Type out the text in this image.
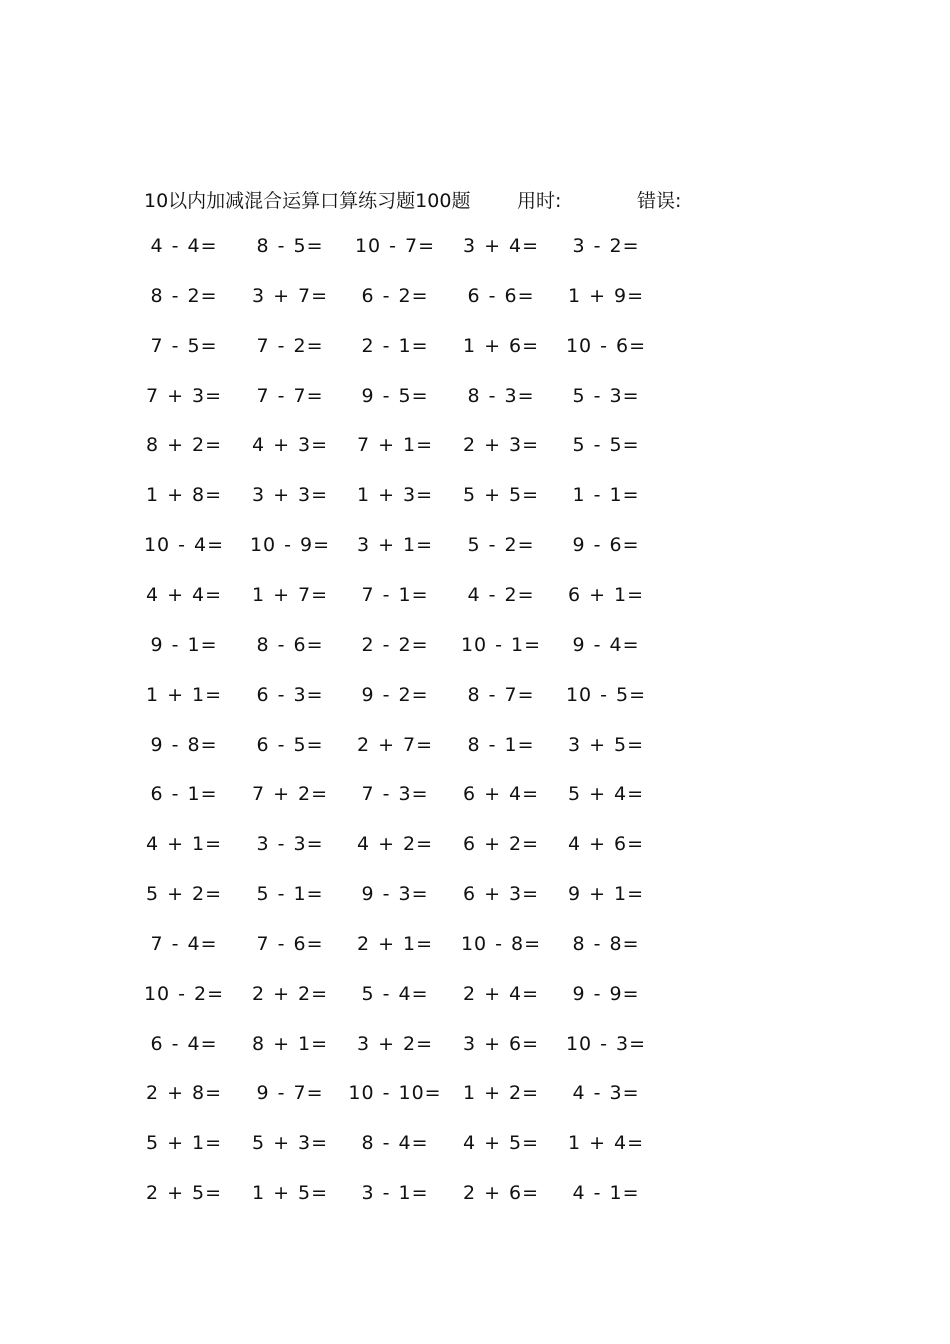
10以内加减混合运算口算练习题100题 用时:	错误:
4 - 4= 8 - 5= 10 - 7= 3 + 4= 3 - 2=
8 - 2= 3 + 7= 6 - 2= 6 - 6= 1 + 9=
7 - 5= 7 - 2= 2 - 1= 1 + 6= 10 - 6=
7 + 3= 7 - 7= 9 - 5= 8 - 3= 5 - 3=
8 + 2= 4 + 3= 7 + 1= 2 + 3= 5 - 5=
1 + 8= 3 + 3= 1 + 3= 5 + 5= 1 - 1=
10 - 4= 10 - 9= 3 + 1= 5 - 2= 9 - 6=
4 + 4= 1 + 7= 7 - 1= 4 - 2= 6 + 1=
9 - 1= 8 - 6= 2 - 2= 10 - 1= 9 - 4=
1 + 1= 6 - 3= 9 - 2= 8 - 7= 10 - 5=
9 - 8= 6 - 5= 2 + 7= 8 - 1= 3 + 5=
6 - 1= 7 + 2= 7 - 3= 6 + 4= 5 + 4=
4 + 1= 3 - 3= 4 + 2= 6 + 2= 4 + 6=
5 + 2= 5 - 1= 9 - 3= 6 + 3= 9 + 1=
7 - 4= 7 - 6= 2 + 1= 10 - 8= 8 - 8=
10 - 2= 2 + 2= 5 - 4= 2 + 4= 9 - 9=
6 - 4= 8 + 1= 3 + 2= 3 + 6= 10 - 3=
2 + 8= 9 - 7= 10 - 10= 1 + 2= 4 - 3=
5 + 1= 5 + 3= 8 - 4= 4 + 5= 1 + 4=
2 + 5= 1 + 5= 3 - 1= 2 + 6= 4 - 1=
